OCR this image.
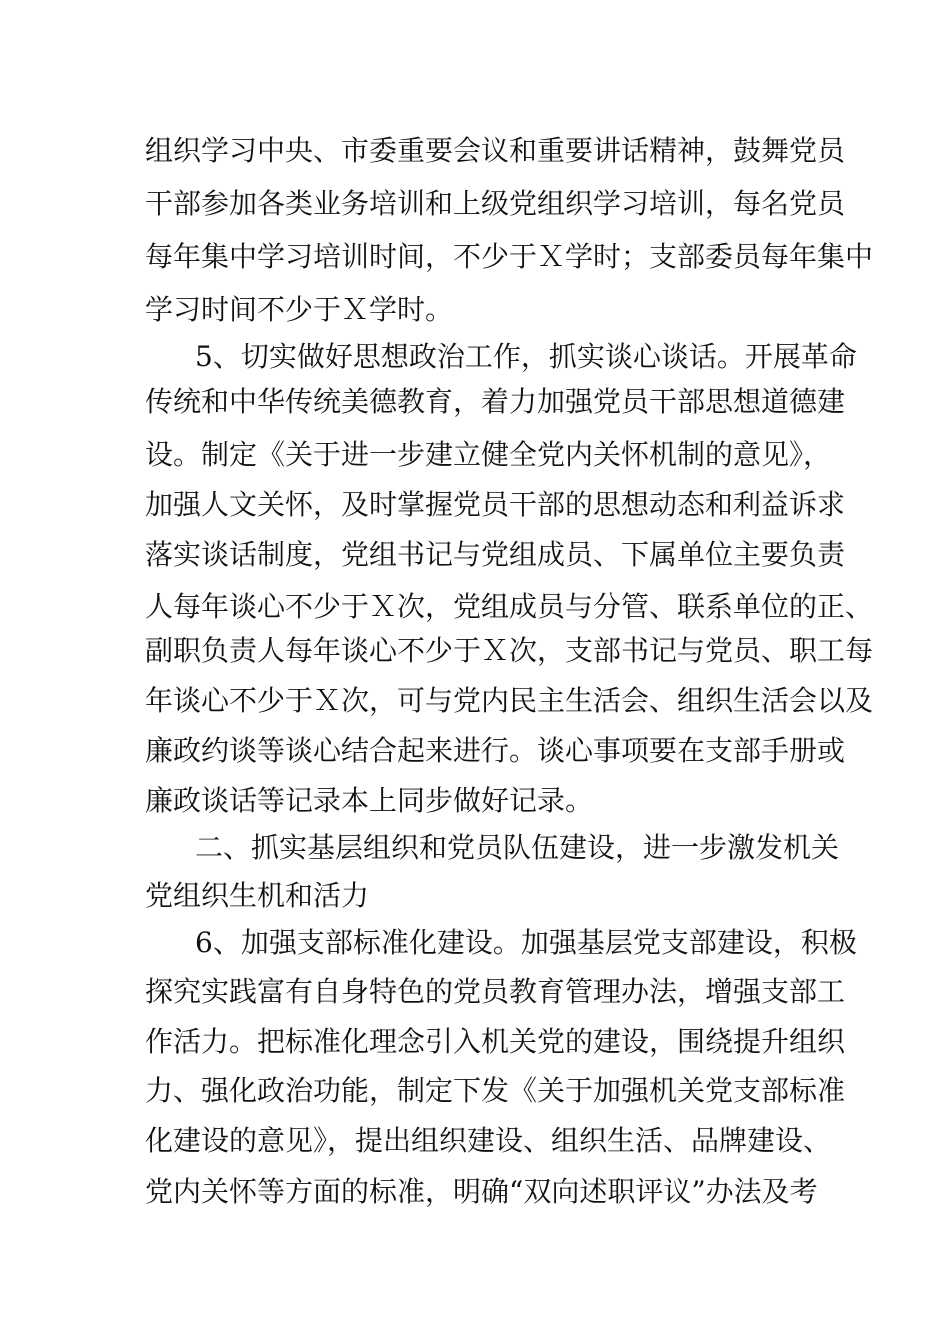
组织学习中央、市委重要会议和重要讲话精神，鼓舞党员
干部参加各类业务培训和上级党组织学习培训，每名党员
每年集中学习培训时间，不少于Ｘ学时；支部委员每年集中
学习时间不少于Ｘ学时。
5、切实做好思想政治工作，抓实谈心谈话。开展革命
传统和中华传统美德教育，着力加强党员干部思想道德建
设。制定《关于进一步建立健全党内关怀机制的意见》，
加强人文关怀，及时掌握党员干部的思想动态和利益诉求
落实谈话制度，党组书记与党组成员、下属单位主要负责
人每年谈心不少于Ｘ次，党组成员与分管、联系单位的正、
副职负责人每年谈心不少于Ｘ次，支部书记与党员、职工每
年谈心不少于Ｘ次，可与党内民主生活会、组织生活会以及
廉政约谈等谈心结合起来进行。谈心事项要在支部手册或
廉政谈话等记录本上同步做好记录。
二、抓实基层组织和党员队伍建设，进一步激发机关
党组织生机和活力
6、加强支部标准化建设。加强基层党支部建设，积极
探究实践富有自身特色的党员教育管理办法，增强支部工
作活力。把标准化理念引入机关党的建设，围绕提升组织
力、强化政治功能，制定下发《关于加强机关党支部标准
化建设的意见》，提出组织建设、组织生活、品牌建设、
党内关怀等方面的标准，明确“双向述职评议”办法及考
